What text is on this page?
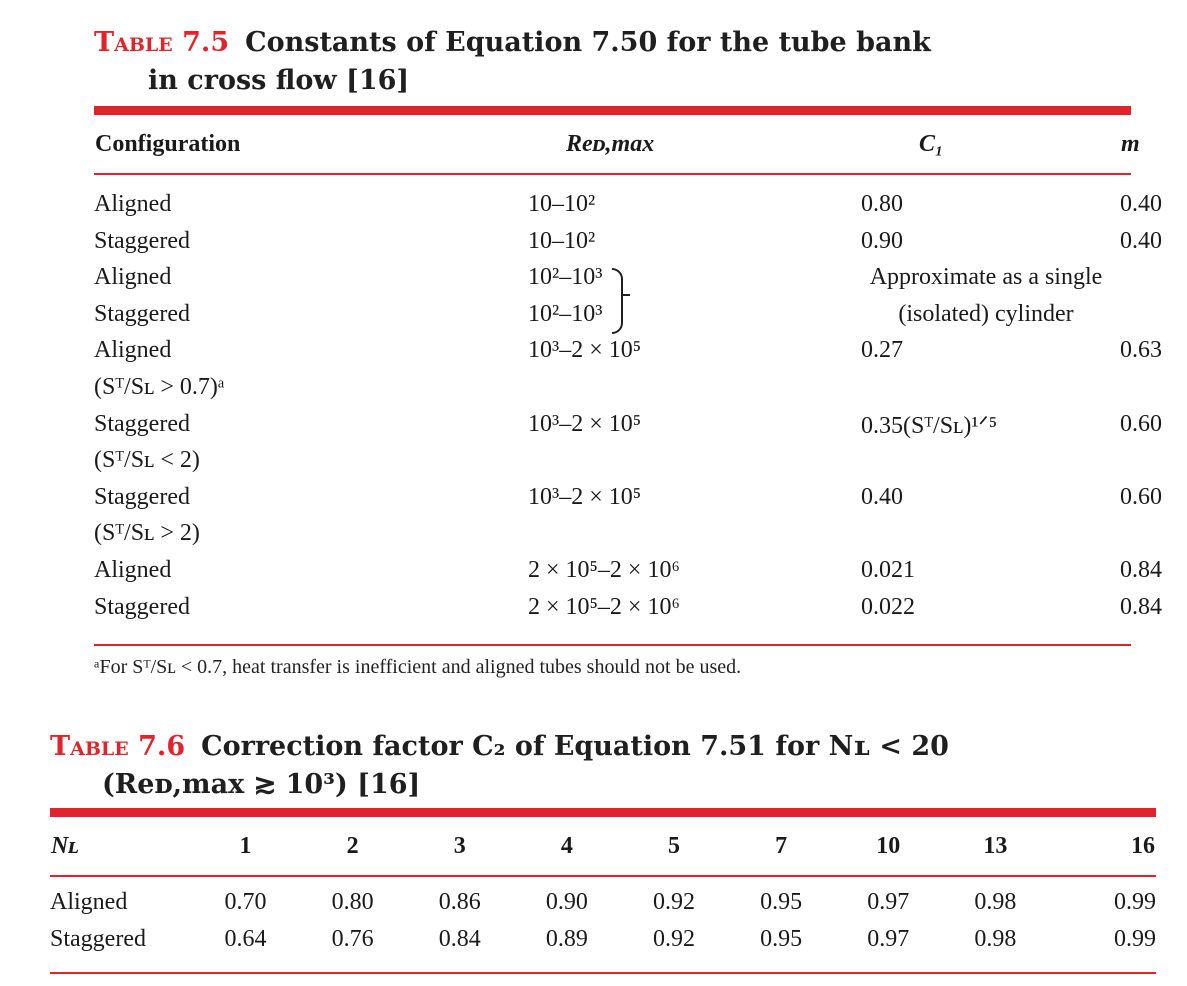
Table 7.5 Constants of Equation 7.50 for the tube bank
in cross flow [16]
Configuration	Reᴅ,max	C₁	m

Aligned	10–10²	0.80	0.40
Staggered	10–10²	0.90	0.40
Aligned	10²–10³	Approximate as a single	
Staggered	10²–10³	(isolated) cylinder	
Aligned	10³–2 × 10⁵	0.27	0.63
(Sᵀ/Sʟ > 0.7)ᵃ			
Staggered	10³–2 × 10⁵	0.35(Sᵀ/Sʟ)¹ᐟ⁵	0.60
(Sᵀ/Sʟ < 2)			
Staggered	10³–2 × 10⁵	0.40	0.60
(Sᵀ/Sʟ > 2)			
Aligned	2 × 10⁵–2 × 10⁶	0.021	0.84
Staggered	2 × 10⁵–2 × 10⁶	0.022	0.84

ᵃFor Sᵀ/Sʟ < 0.7, heat transfer is inefficient and aligned tubes should not be used.
Table 7.6 Correction factor C₂ of Equation 7.51 for Nʟ < 20
(Reᴅ,max ≳ 10³) [16]
Nʟ	1	2	3	4	5	7	10	13	16

Aligned	0.70	0.80	0.86	0.90	0.92	0.95	0.97	0.98	0.99
Staggered	0.64	0.76	0.84	0.89	0.92	0.95	0.97	0.98	0.99
